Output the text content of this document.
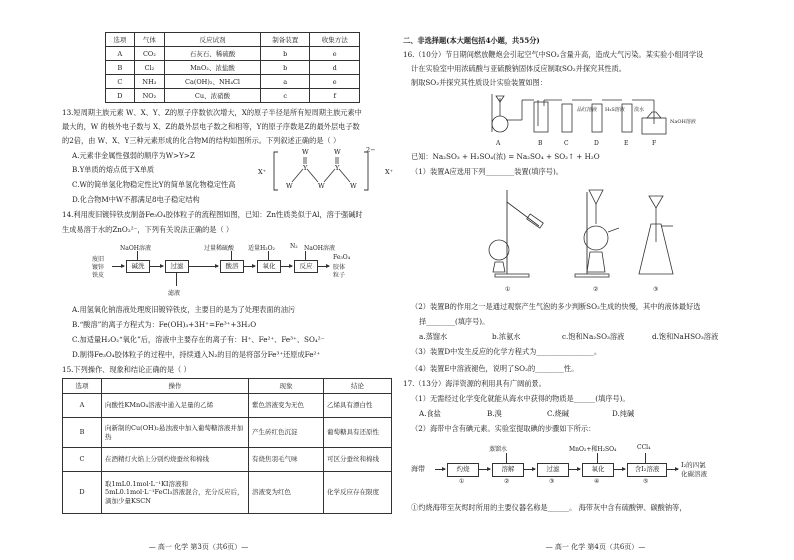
选项	气体	反应试剂	制备装置	收集方法
A	CO₂	石灰石、稀硫酸	b	e
B	Cl₂	MnO₂、浓盐酸	b	d
C	NH₃	Ca(OH)₂、NH₄Cl	a	e
D	NO₂	Cu、浓硝酸	c	f
13.短周期主族元素 W、X、Y、Z的原子序数依次增大，X的原子半径是所有短周期主族元素中
最大的，W 的核外电子数与 X、Z的最外层电子数之和相等，Y的原子序数是Z的最外层电子数
的2倍，由 W、X、Y三种元素形成的化合物M的结构如图所示。下列叙述正确的是（ ）
A.元素非金属性强弱的顺序为W>Y>Z
B.Y单质的熔点低于X单质
C.W的简单氢化物稳定性比Y的简单氢化物稳定性高
D.化合物M中W不都满足8电子稳定结构
X⁺	X⁺
2−
W
W
Y
W
Y
W
W
14.利用废旧镀锌铁皮制备Fe₃O₄胶体粒子的流程图如图，已知：Zn性质类似于Al，溶于强碱时
生成易溶于水的ZnO₂²⁻，下列有关说法正确的是（ ）
废旧
镀锌
铁皮
NaOH溶液
碱洗	过滤
滤液
过量稀硫酸
酸溶
适量H₂O₂
氧化
N₂ NaOH溶液
反应
Fe₃O₄
胶体
粒子
A.用氢氧化钠溶液处理废旧镀锌铁皮，主要目的是为了处理表面的油污
B.“酸溶”的离子方程式为：Fe(OH)₃+3H⁺=Fe³⁺+3H₂O
C.加适量H₂O₂“氧化”后，溶液中主要存在的离子有：H⁺、Fe²⁺、Fe³⁺、SO₄²⁻
D.制得Fe₃O₄胶体粒子的过程中，持续通入N₂的目的是将部分Fe³⁺还原成Fe²⁺
15.下列操作、现象和结论正确的是（ ）
选项	操作	现象	结论
A	向酸性KMnO₄溶液中通入足量的乙烯	紫色溶液变为无色	乙烯具有漂白性
B	向新制的Cu(OH)₂悬浊液中加入葡萄糖溶液并加热	产生砖红色沉淀	葡萄糖具有还原性
C	在酒精灯火焰上分别灼烧蚕丝和棉线	有烧焦羽毛气味	可区分蚕丝和棉线
D	取1mL0.1mol·L⁻¹KI溶液和5mL0.1mol·L⁻¹FeCl₃溶液混合，充分反应后，滴加少量KSCN	溶液变为红色	化学反应存在限度
— 高一 化学 第3页（共6页）—
二、非选择题(本大题包括4小题，共55分)
16.（10分）节日期间燃放鞭炮会引起空气中SO₂含量升高，造成大气污染。某实验小组同学设
计在实验室中用浓硫酸与亚硫酸钠固体反应制取SO₂并探究其性质。
制取SO₂并探究其性质设计实验装置如图：
品红溶液 H₂S溶液 溴水
NaOH溶液
A	B	C	D	E	F
已知：Na₂SO₃ + H₂SO₄(浓) = Na₂SO₄ + SO₂↑ + H₂O
（1）装置A应选用下列________装置(填序号)。
①	②	③
（2）装置B的作用之一是通过观察产生气泡的多少判断SO₂生成的快慢，其中的液体最好选
择________(填序号)。
a.蒸馏水	b.浓氨水	c.饱和Na₂SO₃溶液	d.饱和NaHSO₃溶液
（3）装置D中发生反应的化学方程式为________________。
（4）装置E中溶液褪色，说明了SO₂的________性。
17.（13分）海洋资源的利用具有广阔前景。
（1）无需经过化学变化就能从海水中获得的物质是______(填序号)。
A.食盐	B.溴	C.烧碱	D.纯碱
（2）海带中含有碘元素。实验室提取碘的步骤如下所示：
海带	灼烧
①
蒸馏水
溶解
②
过滤
③
MnO₂+稀H₂SO₄
氧化
④
CCl₄
含I₂溶液
⑤
I₂的四氯
化碳溶液
①灼烧海带至灰烬时所用的主要仪器名称是______。 海带灰中含有硫酸钾、碳酸钠等，
— 高一 化学 第4页（共6页）—
